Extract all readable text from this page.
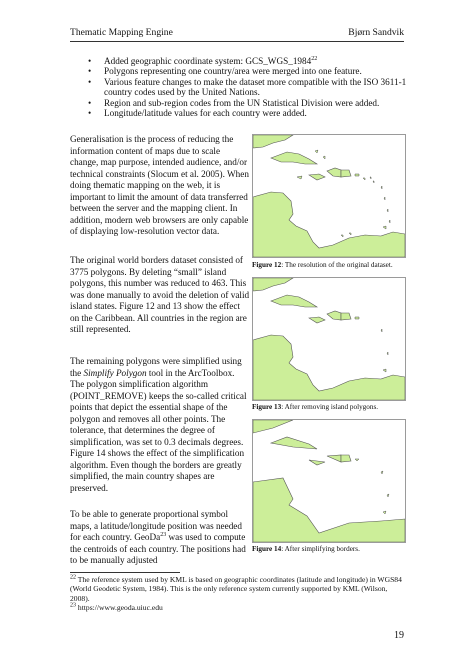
Thematic Mapping Engine	Bjørn Sandvik
• Added geographic coordinate system: GCS_WGS_1984$^{22}$
• Polygons representing one country/area were merged into one feature.
• Various feature changes to make the dataset more compatible with the ISO 3611-1 country codes used by the United Nations.
• Region and sub-region codes from the UN Statistical Division were added.
• Longitude/latitude values for each country were added.

Generalisation is the process of reducing the information content of maps due to scale change, map purpose, intended audience, and/or technical constraints (Slocum et al. 2005). When doing thematic mapping on the web, it is important to limit the amount of data transferred between the server and the mapping client. In addition, modern web browsers are only capable of displaying low-resolution vector data.

The original world borders dataset consisted of 3775 polygons. By deleting “small” island polygons, this number was reduced to 463. This was done manually to avoid the deletion of valid island states. Figure 12 and 13 show the effect on the Caribbean. All countries in the region are still represented.

The remaining polygons were simplified using the Simplify Polygon tool in the ArcToolbox. The polygon simplification algorithm (POINT_REMOVE) keeps the so-called critical points that depict the essential shape of the polygon and removes all other points. The tolerance, that determines the degree of simplification, was set to 0.3 decimals degrees. Figure 14 shows the effect of the simplification algorithm. Even though the borders are greatly simplified, the main country shapes are preserved.

To be able to generate proportional symbol maps, a latitude/longitude position was needed for each country. GeoDa$^{23}$ was used to compute the centroids of each country. The positions had to be manually adjusted

Figure 12: The resolution of the original dataset.
Figure 13: After removing island polygons.
Figure 14: After simplifying borders.

$^{22}$ The reference system used by KML is based on geographic coordinates (latitude and longitude) in WGS84 (World Geodetic System, 1984). This is the only reference system currently supported by KML (Wilson, 2008).

$^{23}$ https://www.geoda.uiuc.edu

19
